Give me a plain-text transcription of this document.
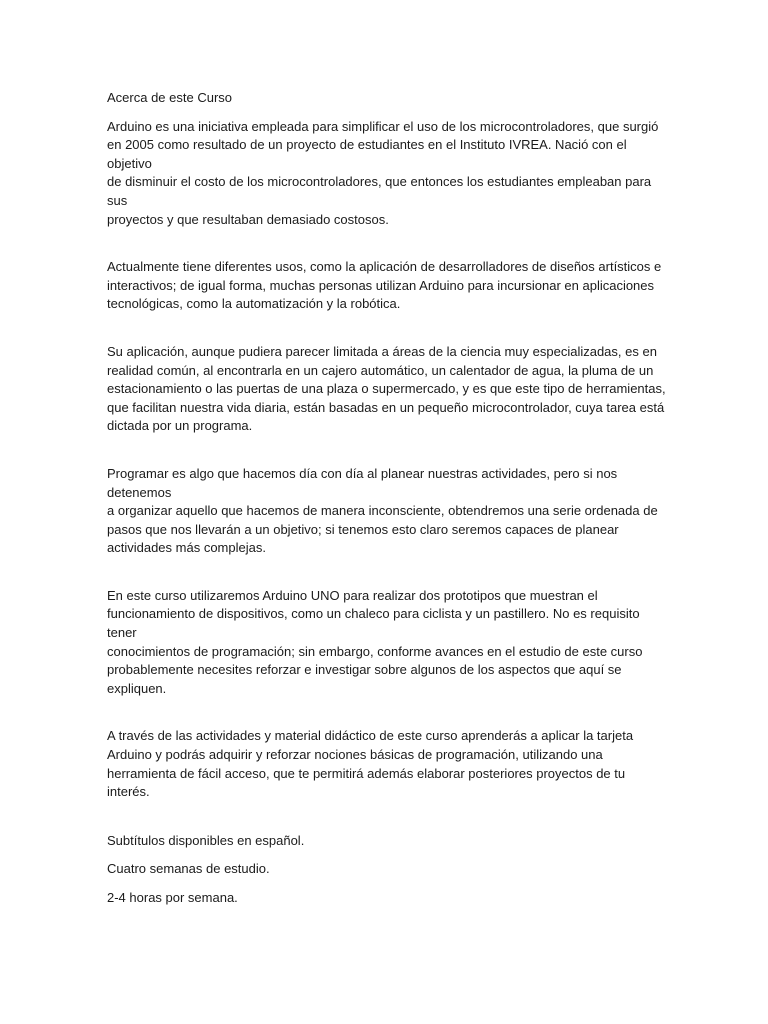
Acerca de este Curso

Arduino es una iniciativa empleada para simplificar el uso de los microcontroladores, que surgió
en 2005 como resultado de un proyecto de estudiantes en el Instituto IVREA. Nació con el objetivo
de disminuir el costo de los microcontroladores, que entonces los estudiantes empleaban para sus
proyectos y que resultaban demasiado costosos.

Actualmente tiene diferentes usos, como la aplicación de desarrolladores de diseños artísticos e
interactivos; de igual forma, muchas personas utilizan Arduino para incursionar en aplicaciones
tecnológicas, como la automatización y la robótica.

Su aplicación, aunque pudiera parecer limitada a áreas de la ciencia muy especializadas, es en
realidad común, al encontrarla en un cajero automático, un calentador de agua, la pluma de un
estacionamiento o las puertas de una plaza o supermercado, y es que este tipo de herramientas,
que facilitan nuestra vida diaria, están basadas en un pequeño microcontrolador, cuya tarea está
dictada por un programa.

Programar es algo que hacemos día con día al planear nuestras actividades, pero si nos detenemos
a organizar aquello que hacemos de manera inconsciente, obtendremos una serie ordenada de
pasos que nos llevarán a un objetivo; si tenemos esto claro seremos capaces de planear
actividades más complejas.

En este curso utilizaremos Arduino UNO para realizar dos prototipos que muestran el
funcionamiento de dispositivos, como un chaleco para ciclista y un pastillero. No es requisito tener
conocimientos de programación; sin embargo, conforme avances en el estudio de este curso
probablemente necesites reforzar e investigar sobre algunos de los aspectos que aquí se
expliquen.

A través de las actividades y material didáctico de este curso aprenderás a aplicar la tarjeta
Arduino y podrás adquirir y reforzar nociones básicas de programación, utilizando una
herramienta de fácil acceso, que te permitirá además elaborar posteriores proyectos de tu interés.

Subtítulos disponibles en español.

Cuatro semanas de estudio.

2-4 horas por semana.
